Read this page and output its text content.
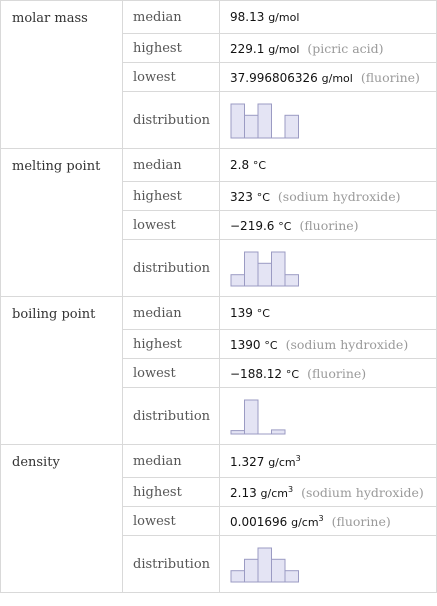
molar mass	median	98.13 g/mol
	highest	229.1 g/mol (picric acid)
	lowest	37.996806326 g/mol (fluorine)
	distribution	

melting point	median	2.8 °C
	highest	323 °C (sodium hydroxide)
	lowest	−219.6 °C (fluorine)
	distribution	

boiling point	median	139 °C
	highest	1390 °C (sodium hydroxide)
	lowest	−188.12 °C (fluorine)
	distribution	

density	median	1.327 $g/cm^3$
	highest	2.13 $g/cm^3$ (sodium hydroxide)
	lowest	0.001696 $g/cm^3$ (fluorine)
	distribution	
